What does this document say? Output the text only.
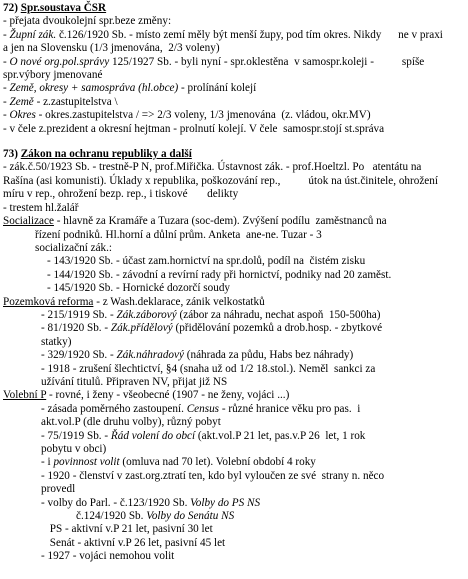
72) Spr.soustava ČSR
- přejata dvoukolejní spr.beze změny:
- Župní zák. č.126/1920 Sb. - místo zemí měly být menší župy, pod tím okres. Nikdy      ne v praxi
a jen na Slovensku (1/3 jmenována,  2/3 voleny)
- O nové org.pol.správy 125/1927 Sb. - byli nyní - spr.oklestěna  v samospr.koleji -          spíše
spr.výbory jmenované
- Země, okresy + samospráva (hl.obce) - prolínání kolejí
- Země - z.zastupitelstva \
- Okres - okres.zastupitelstva / => 2/3 voleny, 1/3 jmenována  (z. vládou, okr.MV)
- v čele z.prezident a okresní hejtman - prolnutí kolejí. V čele  samospr.stojí st.správa
73) Zákon na ochranu republiky a další
- zák.č.50/1923 Sb. - trestně-P N, prof.Miřička. Ústavnost zák. - prof.Hoeltzl. Po   atentátu na
Rašína (asi komunisti). Úklady x republika, poškozování rep.,          útok na úst.činitele, ohrožení
míru v rep., ohrožení bezp. rep., i tiskové       delikty
- trestem hl.žalář
Socializace - hlavně za Kramáře a Tuzara (soc-dem). Zvýšení podílu  zaměstnanců na
řízení podniků. Hl.horní a důlní prům. Anketa  ane-ne. Tuzar - 3
socializační zák.:
- 143/1920 Sb. - účast zam.hornictví na spr.dolů, podíl na  čistém zisku
- 144/1920 Sb. - závodní a revírní rady při hornictví, podniky nad 20 zaměst.
- 145/1920 Sb. - Hornické dozorčí soudy
Pozemková reforma - z Wash.deklarace, zánik velkostatků
- 215/1919 Sb. - Zák.záborový (zábor za náhradu, nechat aspoň  150-500ha)
- 81/1920 Sb. - Zák.přídělový (přidělování pozemků a drob.hosp. - zbytkové
statky)
- 329/1920 Sb. - Zák.náhradový (náhrada za půdu, Habs bez náhrady)
- 1918 - zrušení šlechtictví, §4 (snaha už od 1/2 18.stol.). Neměl  sankci za
užívání titulů. Připraven NV, přijat již NS
Volební P - rovné, i ženy - všeobecné (1907 - ne ženy, vojáci ...)
- zásada poměrného zastoupení. Census - různé hranice věku pro pas.  i
akt.vol.P (dle druhu volby), různý pobyt
- 75/1919 Sb. - Řád volení do obcí (akt.vol.P 21 let, pas.v.P 26  let, 1 rok
pobytu v obci)
- i povinnost volit (omluva nad 70 let). Volební období 4 roky
- 1920 - členství v zast.org.ztratí ten, kdo byl vyloučen ze své  strany n. něco
provedl
- volby do Parl. - č.123/1920 Sb. Volby do PS NS
č.124/1920 Sb. Volby do Senátu NS
PS - aktivní v.P 21 let, pasivní 30 let
Senát - aktivní v.P 26 let, pasivní 45 let
- 1927 - vojáci nemohou volit
